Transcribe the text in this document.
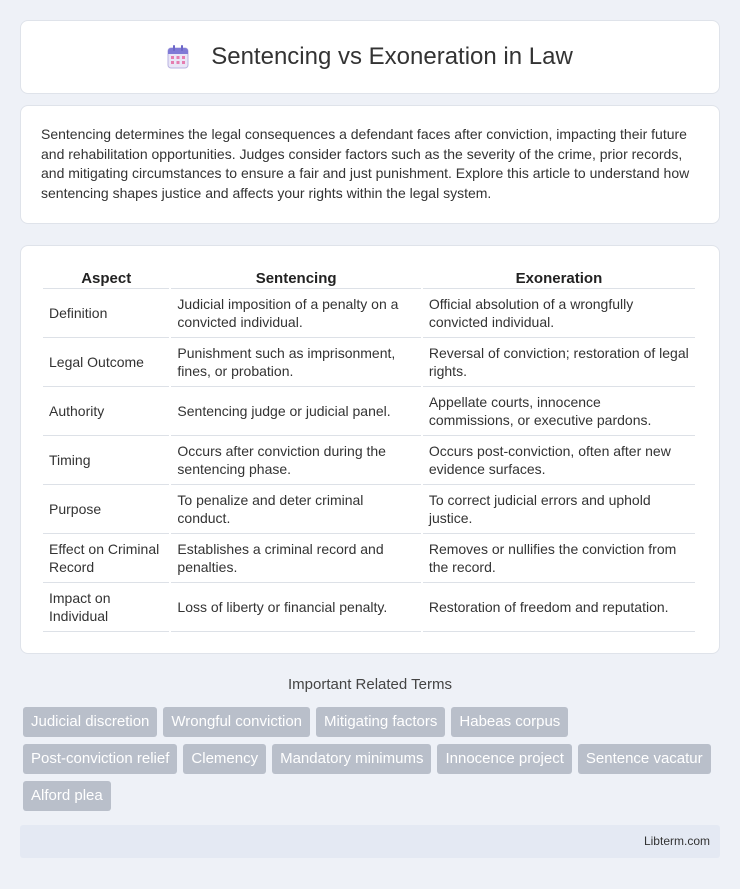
Sentencing vs Exoneration in Law

Sentencing determines the legal consequences a defendant faces after conviction, impacting their future and rehabilitation opportunities. Judges consider factors such as the severity of the crime, prior records, and mitigating circumstances to ensure a fair and just punishment. Explore this article to understand how sentencing shapes justice and affects your rights within the legal system.

Aspect	Sentencing	Exoneration
Definition	Judicial imposition of a penalty on a convicted individual.	Official absolution of a wrongfully convicted individual.
Legal Outcome	Punishment such as imprisonment, fines, or probation.	Reversal of conviction; restoration of legal rights.
Authority	Sentencing judge or judicial panel.	Appellate courts, innocence commissions, or executive pardons.
Timing	Occurs after conviction during the sentencing phase.	Occurs post-conviction, often after new evidence surfaces.
Purpose	To penalize and deter criminal conduct.	To correct judicial errors and uphold justice.
Effect on Criminal Record	Establishes a criminal record and penalties.	Removes or nullifies the conviction from the record.
Impact on Individual	Loss of liberty or financial penalty.	Restoration of freedom and reputation.
Important Related Terms
Judicial discretion	Wrongful conviction	Mitigating factors	Habeas corpus
Post-conviction relief	Clemency	Mandatory minimums	Innocence project	Sentence vacatur
Alford plea
Libterm.com
